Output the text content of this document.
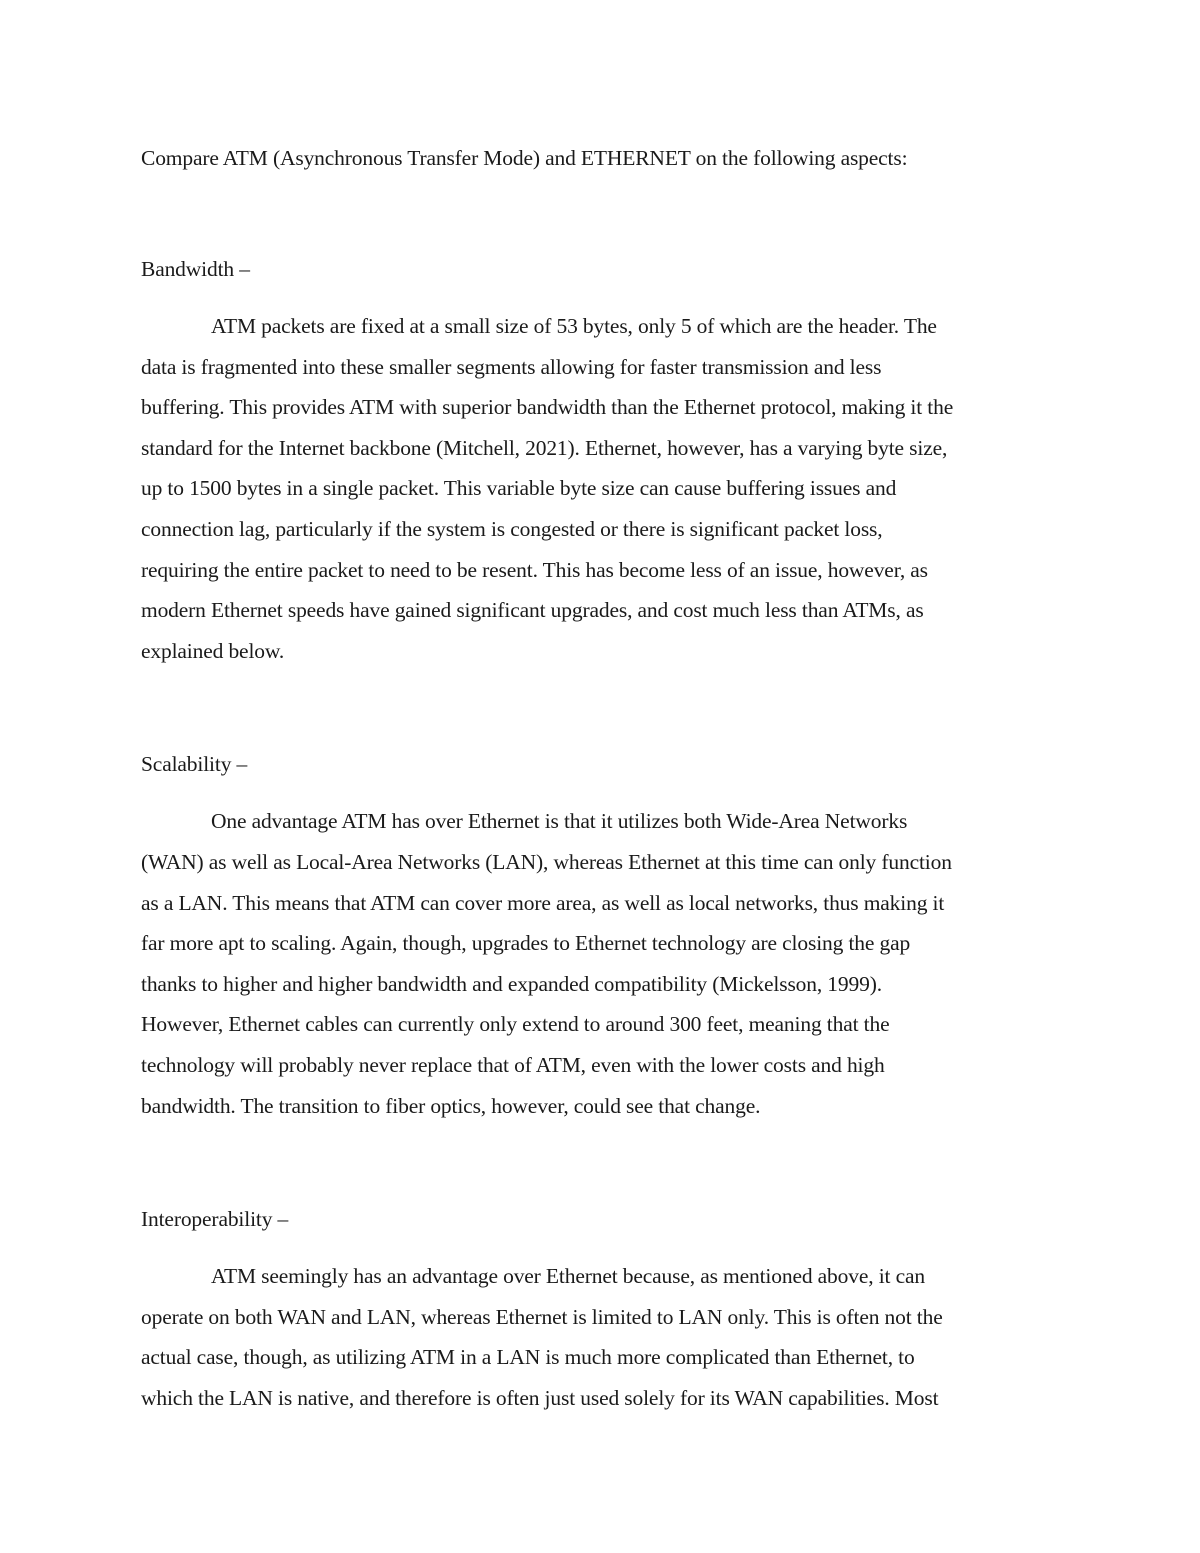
Compare ATM (Asynchronous Transfer Mode) and ETHERNET on the following aspects:

Bandwidth –

ATM packets are fixed at a small size of 53 bytes, only 5 of which are the header. The
data is fragmented into these smaller segments allowing for faster transmission and less
buffering. This provides ATM with superior bandwidth than the Ethernet protocol, making it the
standard for the Internet backbone (Mitchell, 2021). Ethernet, however, has a varying byte size,
up to 1500 bytes in a single packet. This variable byte size can cause buffering issues and
connection lag, particularly if the system is congested or there is significant packet loss,
requiring the entire packet to need to be resent. This has become less of an issue, however, as
modern Ethernet speeds have gained significant upgrades, and cost much less than ATMs, as
explained below.

Scalability –

One advantage ATM has over Ethernet is that it utilizes both Wide-Area Networks
(WAN) as well as Local-Area Networks (LAN), whereas Ethernet at this time can only function
as a LAN. This means that ATM can cover more area, as well as local networks, thus making it
far more apt to scaling. Again, though, upgrades to Ethernet technology are closing the gap
thanks to higher and higher bandwidth and expanded compatibility (Mickelsson, 1999).
However, Ethernet cables can currently only extend to around 300 feet, meaning that the
technology will probably never replace that of ATM, even with the lower costs and high
bandwidth. The transition to fiber optics, however, could see that change.

Interoperability –

ATM seemingly has an advantage over Ethernet because, as mentioned above, it can
operate on both WAN and LAN, whereas Ethernet is limited to LAN only. This is often not the
actual case, though, as utilizing ATM in a LAN is much more complicated than Ethernet, to
which the LAN is native, and therefore is often just used solely for its WAN capabilities. Most
